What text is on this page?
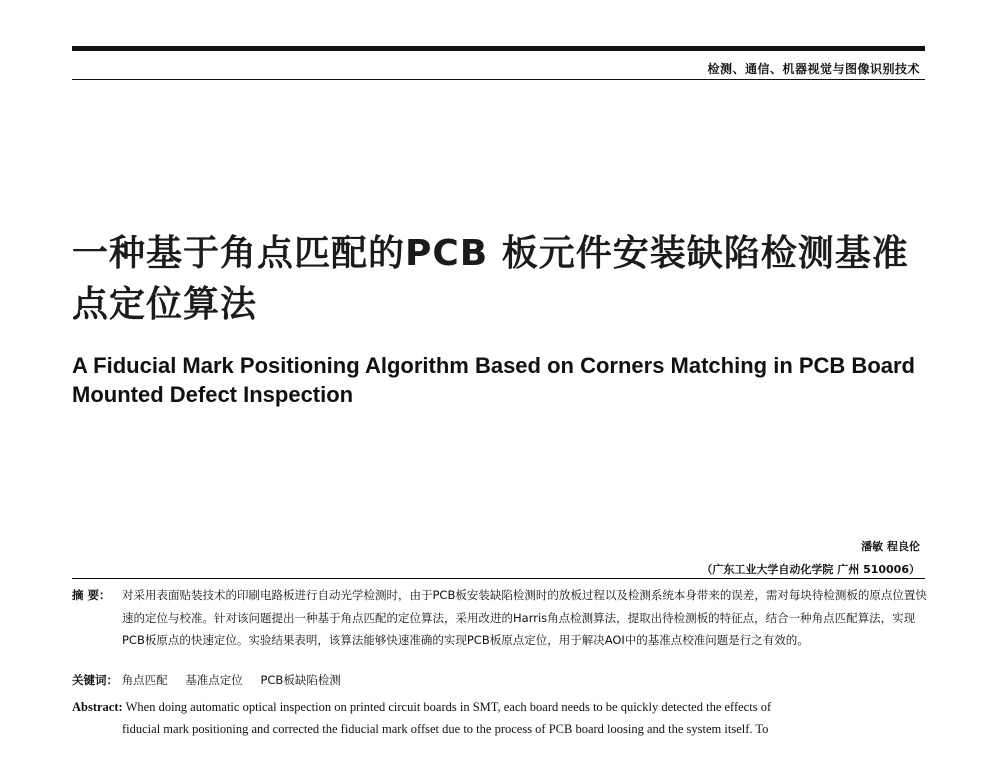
检测、通信、机器视觉与图像识别技术
一种基于角点匹配的PCB 板元件安装缺陷检测基准点定位算法
A Fiducial Mark Positioning Algorithm Based on Corners Matching in PCB Board Mounted Defect Inspection
潘敏 程良伦
（广东工业大学自动化学院 广州 510006）
摘 要： 对采用表面贴装技术的印刷电路板进行自动光学检测时，由于PCB板安装缺陷检测时的放板过程以及检测系统本身带来的误差，需对每块待检测板的原点位置快速的定位与校准。针对该问题提出一种基于角点匹配的定位算法，采用改进的Harris角点检测算法，提取出待检测板的特征点，结合一种角点匹配算法，实现PCB板原点的快速定位。实验结果表明，该算法能够快速准确的实现PCB板原点定位，用于解决AOI中的基准点校准问题是行之有效的。
关键词： 角点匹配 基准点定位 PCB板缺陷检测
Abstract: When doing automatic optical inspection on printed circuit boards in SMT, each board needs to be quickly detected the effects of
fiducial mark positioning and corrected the fiducial mark offset due to the process of PCB board loosing and the system itself. To
